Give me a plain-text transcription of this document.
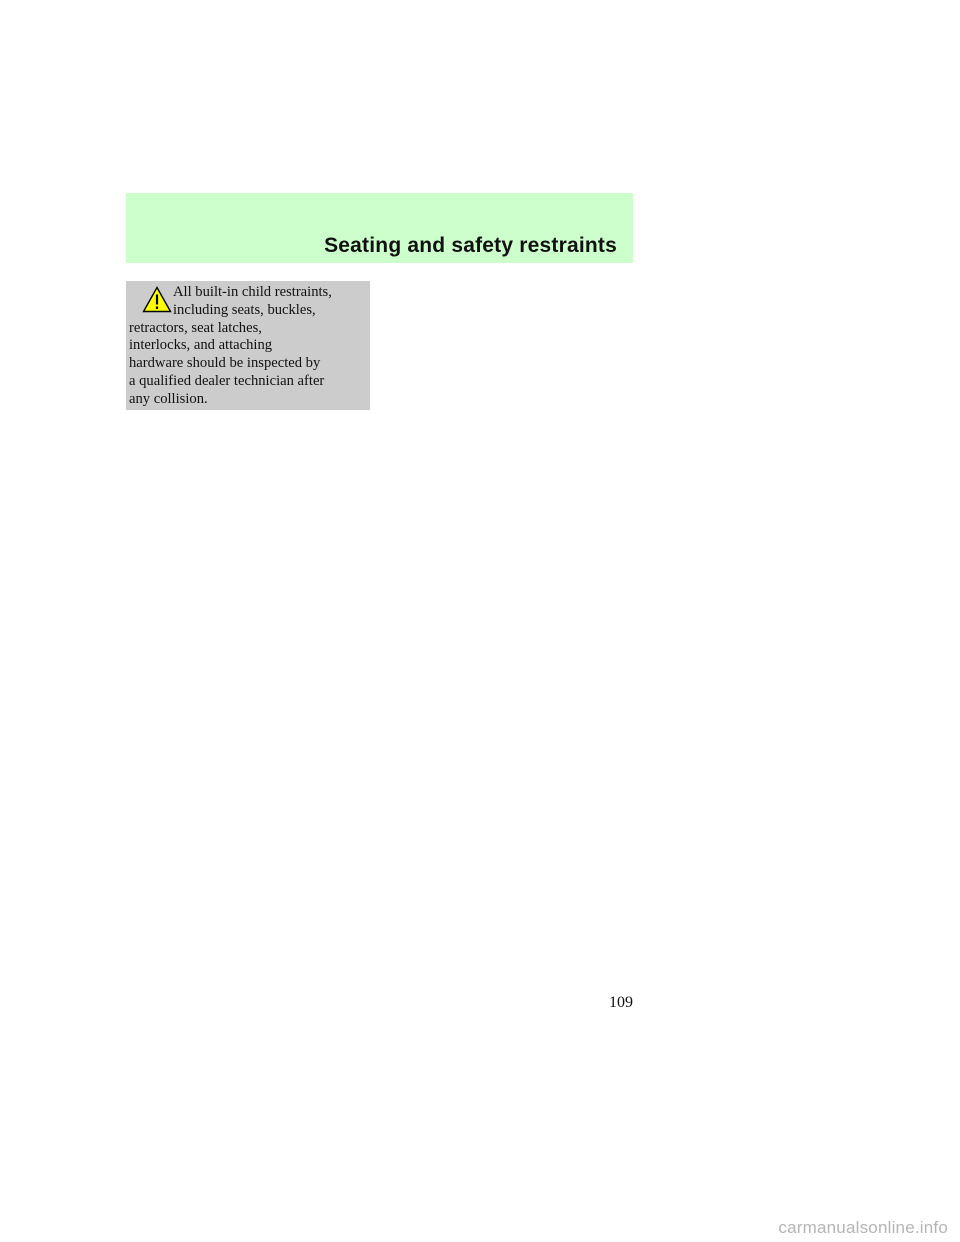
Seating and safety restraints

All built-in child restraints,
including seats, buckles,
retractors, seat latches,
interlocks, and attaching
hardware should be inspected by
a qualified dealer technician after
any collision.

109

carmanualsonline.info
